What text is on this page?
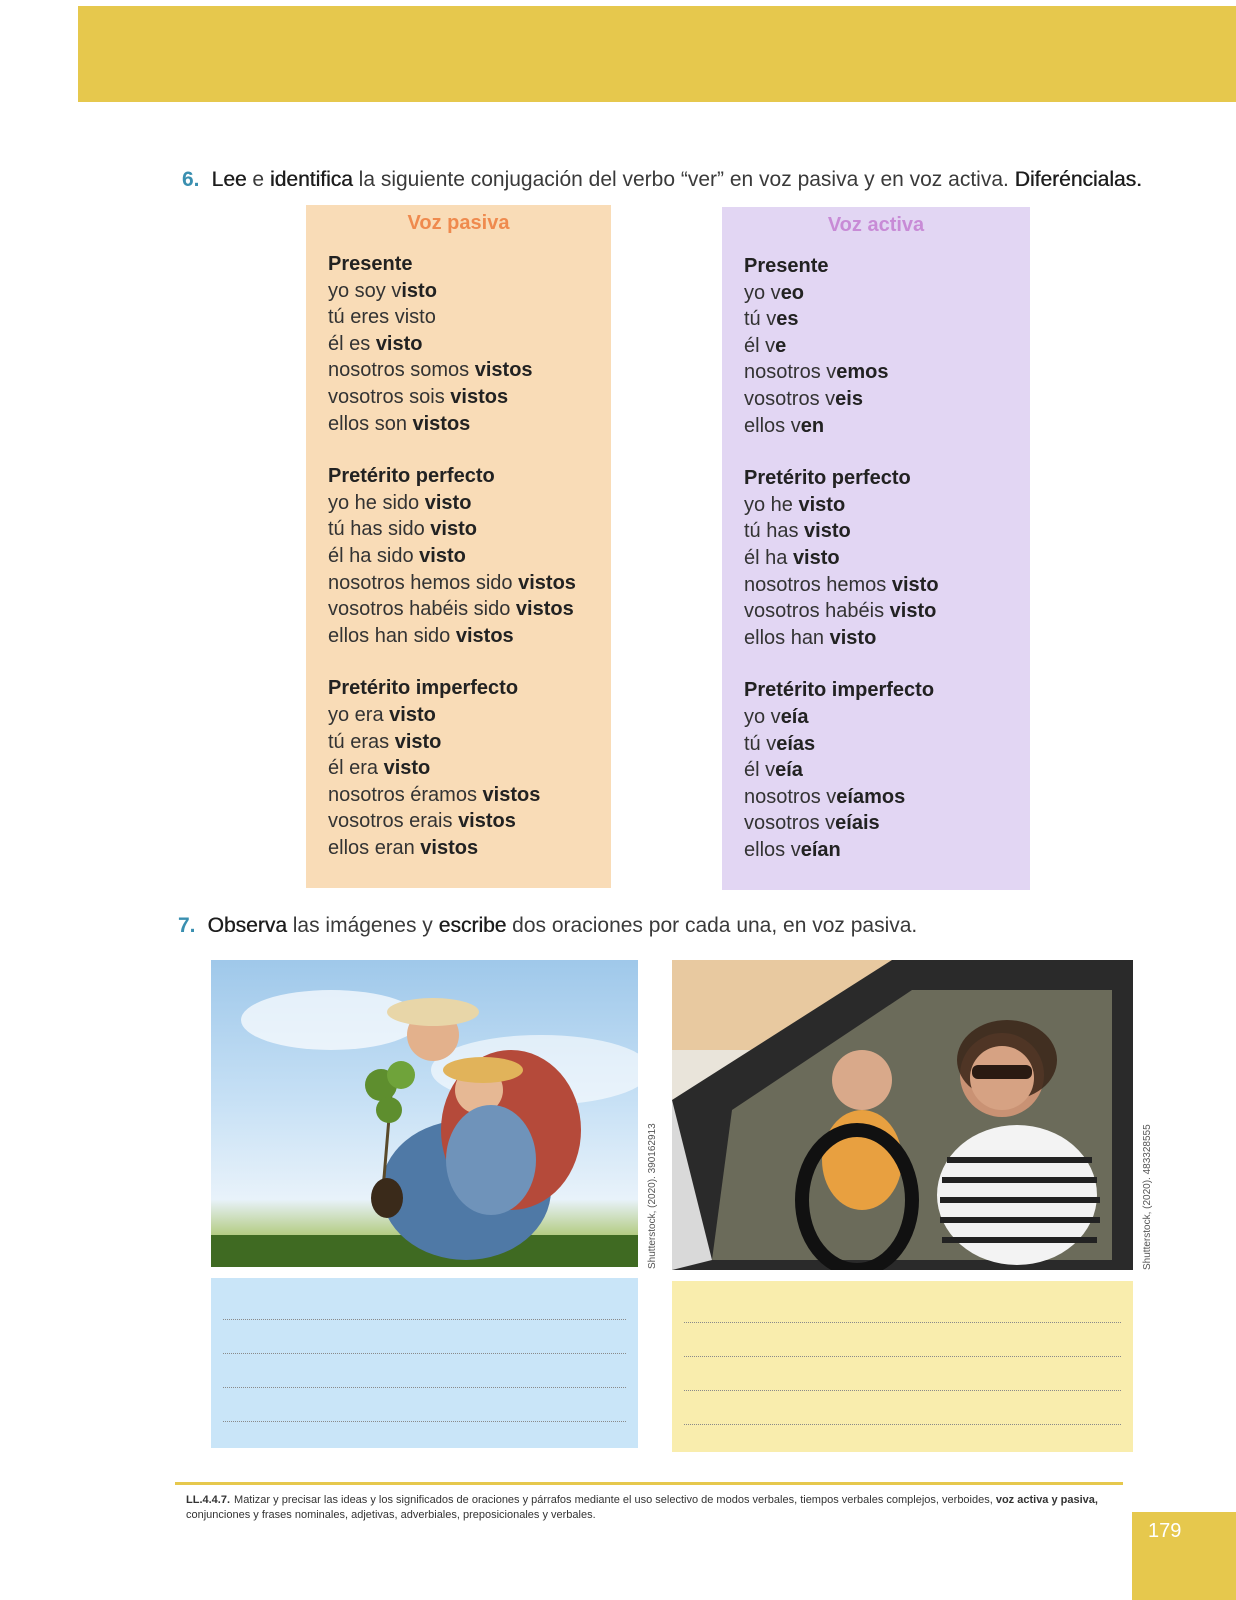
6. Lee e identifica la siguiente conjugación del verbo “ver” en voz pasiva y en voz activa. Diferéncialas.

Voz pasiva
Presente
yo soy visto
tú eres visto
él es visto
nosotros somos vistos
vosotros sois vistos
ellos son vistos
Pretérito perfecto
yo he sido visto
tú has sido visto
él ha sido visto
nosotros hemos sido vistos
vosotros habéis sido vistos
ellos han sido vistos
Pretérito imperfecto
yo era visto
tú eras visto
él era visto
nosotros éramos vistos
vosotros erais vistos
ellos eran vistos
Voz activa
Presente
yo veo
tú ves
él ve
nosotros vemos
vosotros veis
ellos ven
Pretérito perfecto
yo he visto
tú has visto
él ha visto
nosotros hemos visto
vosotros habéis visto
ellos han visto
Pretérito imperfecto
yo veía
tú veías
él veía
nosotros veíamos
vosotros veíais
ellos veían

7. Observa las imágenes y escribe dos oraciones por cada una, en voz pasiva.

Shutterstock, (2020). 390162913	Shutterstock, (2020). 483328555

LL.4.4.7. Matizar y precisar las ideas y los significados de oraciones y párrafos mediante el uso selectivo de modos verbales, tiempos verbales complejos, verboides, voz activa y pasiva, conjunciones y frases nominales, adjetivas, adverbiales, preposicionales y verbales.

179
